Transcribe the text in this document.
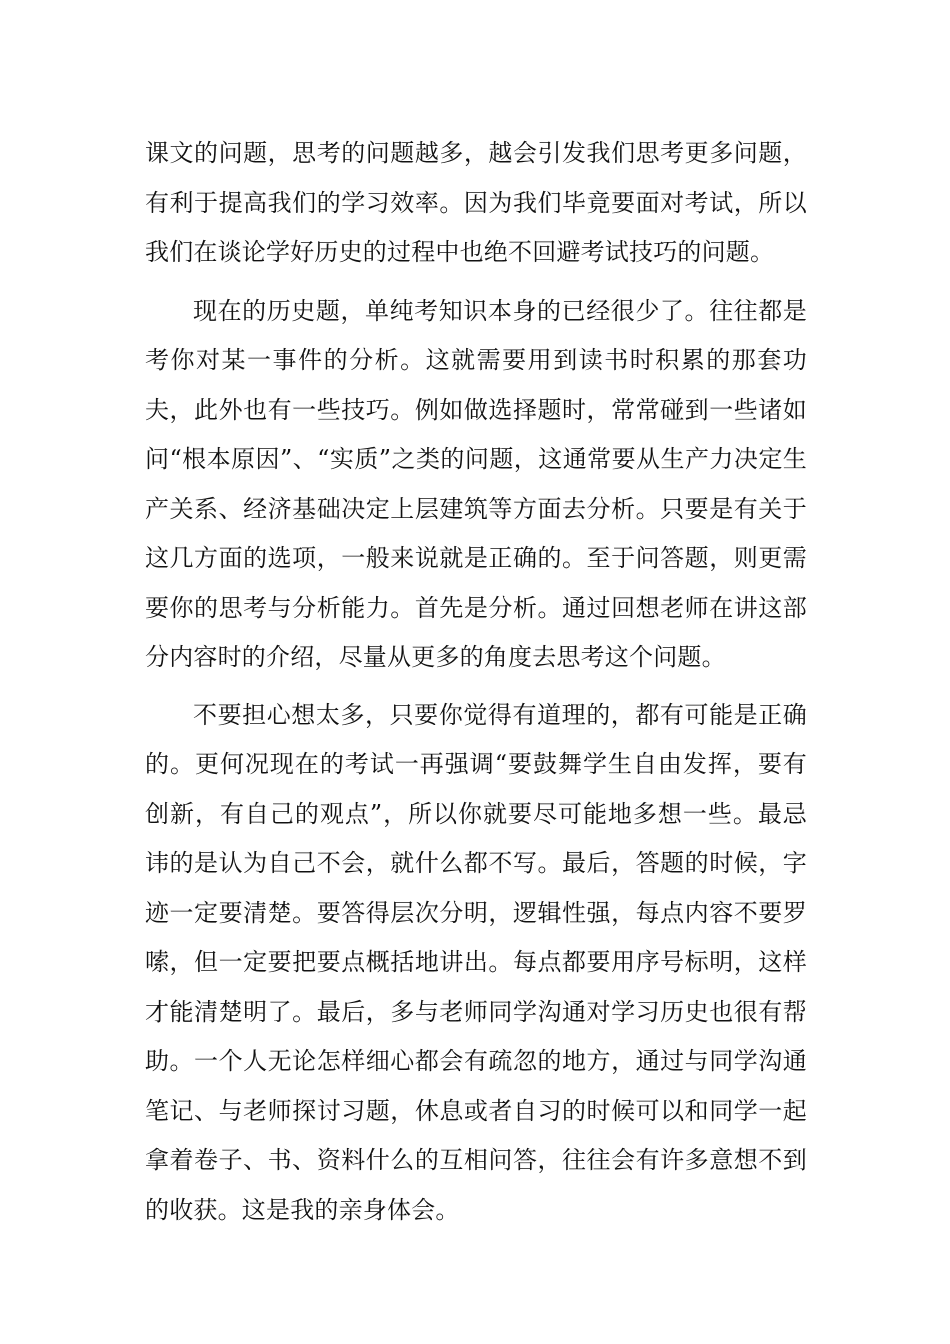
课文的问题，思考的问题越多，越会引发我们思考更多问题，有利于提高我们的学习效率。因为我们毕竟要面对考试，所以我们在谈论学好历史的过程中也绝不回避考试技巧的问题。

现在的历史题，单纯考知识本身的已经很少了。往往都是考你对某一事件的分析。这就需要用到读书时积累的那套功夫，此外也有一些技巧。例如做选择题时，常常碰到一些诸如问“根本原因”、“实质”之类的问题，这通常要从生产力决定生产关系、经济基础决定上层建筑等方面去分析。只要是有关于这几方面的选项，一般来说就是正确的。至于问答题，则更需要你的思考与分析能力。首先是分析。通过回想老师在讲这部分内容时的介绍，尽量从更多的角度去思考这个问题。

不要担心想太多，只要你觉得有道理的，都有可能是正确的。更何况现在的考试一再强调“要鼓舞学生自由发挥，要有创新，有自己的观点”，所以你就要尽可能地多想一些。最忌讳的是认为自己不会，就什么都不写。最后，答题的时候，字迹一定要清楚。要答得层次分明，逻辑性强，每点内容不要罗嗦，但一定要把要点概括地讲出。每点都要用序号标明，这样才能清楚明了。最后，多与老师同学沟通对学习历史也很有帮助。一个人无论怎样细心都会有疏忽的地方，通过与同学沟通笔记、与老师探讨习题，休息或者自习的时候可以和同学一起拿着卷子、书、资料什么的互相问答，往往会有许多意想不到的收获。这是我的亲身体会。
